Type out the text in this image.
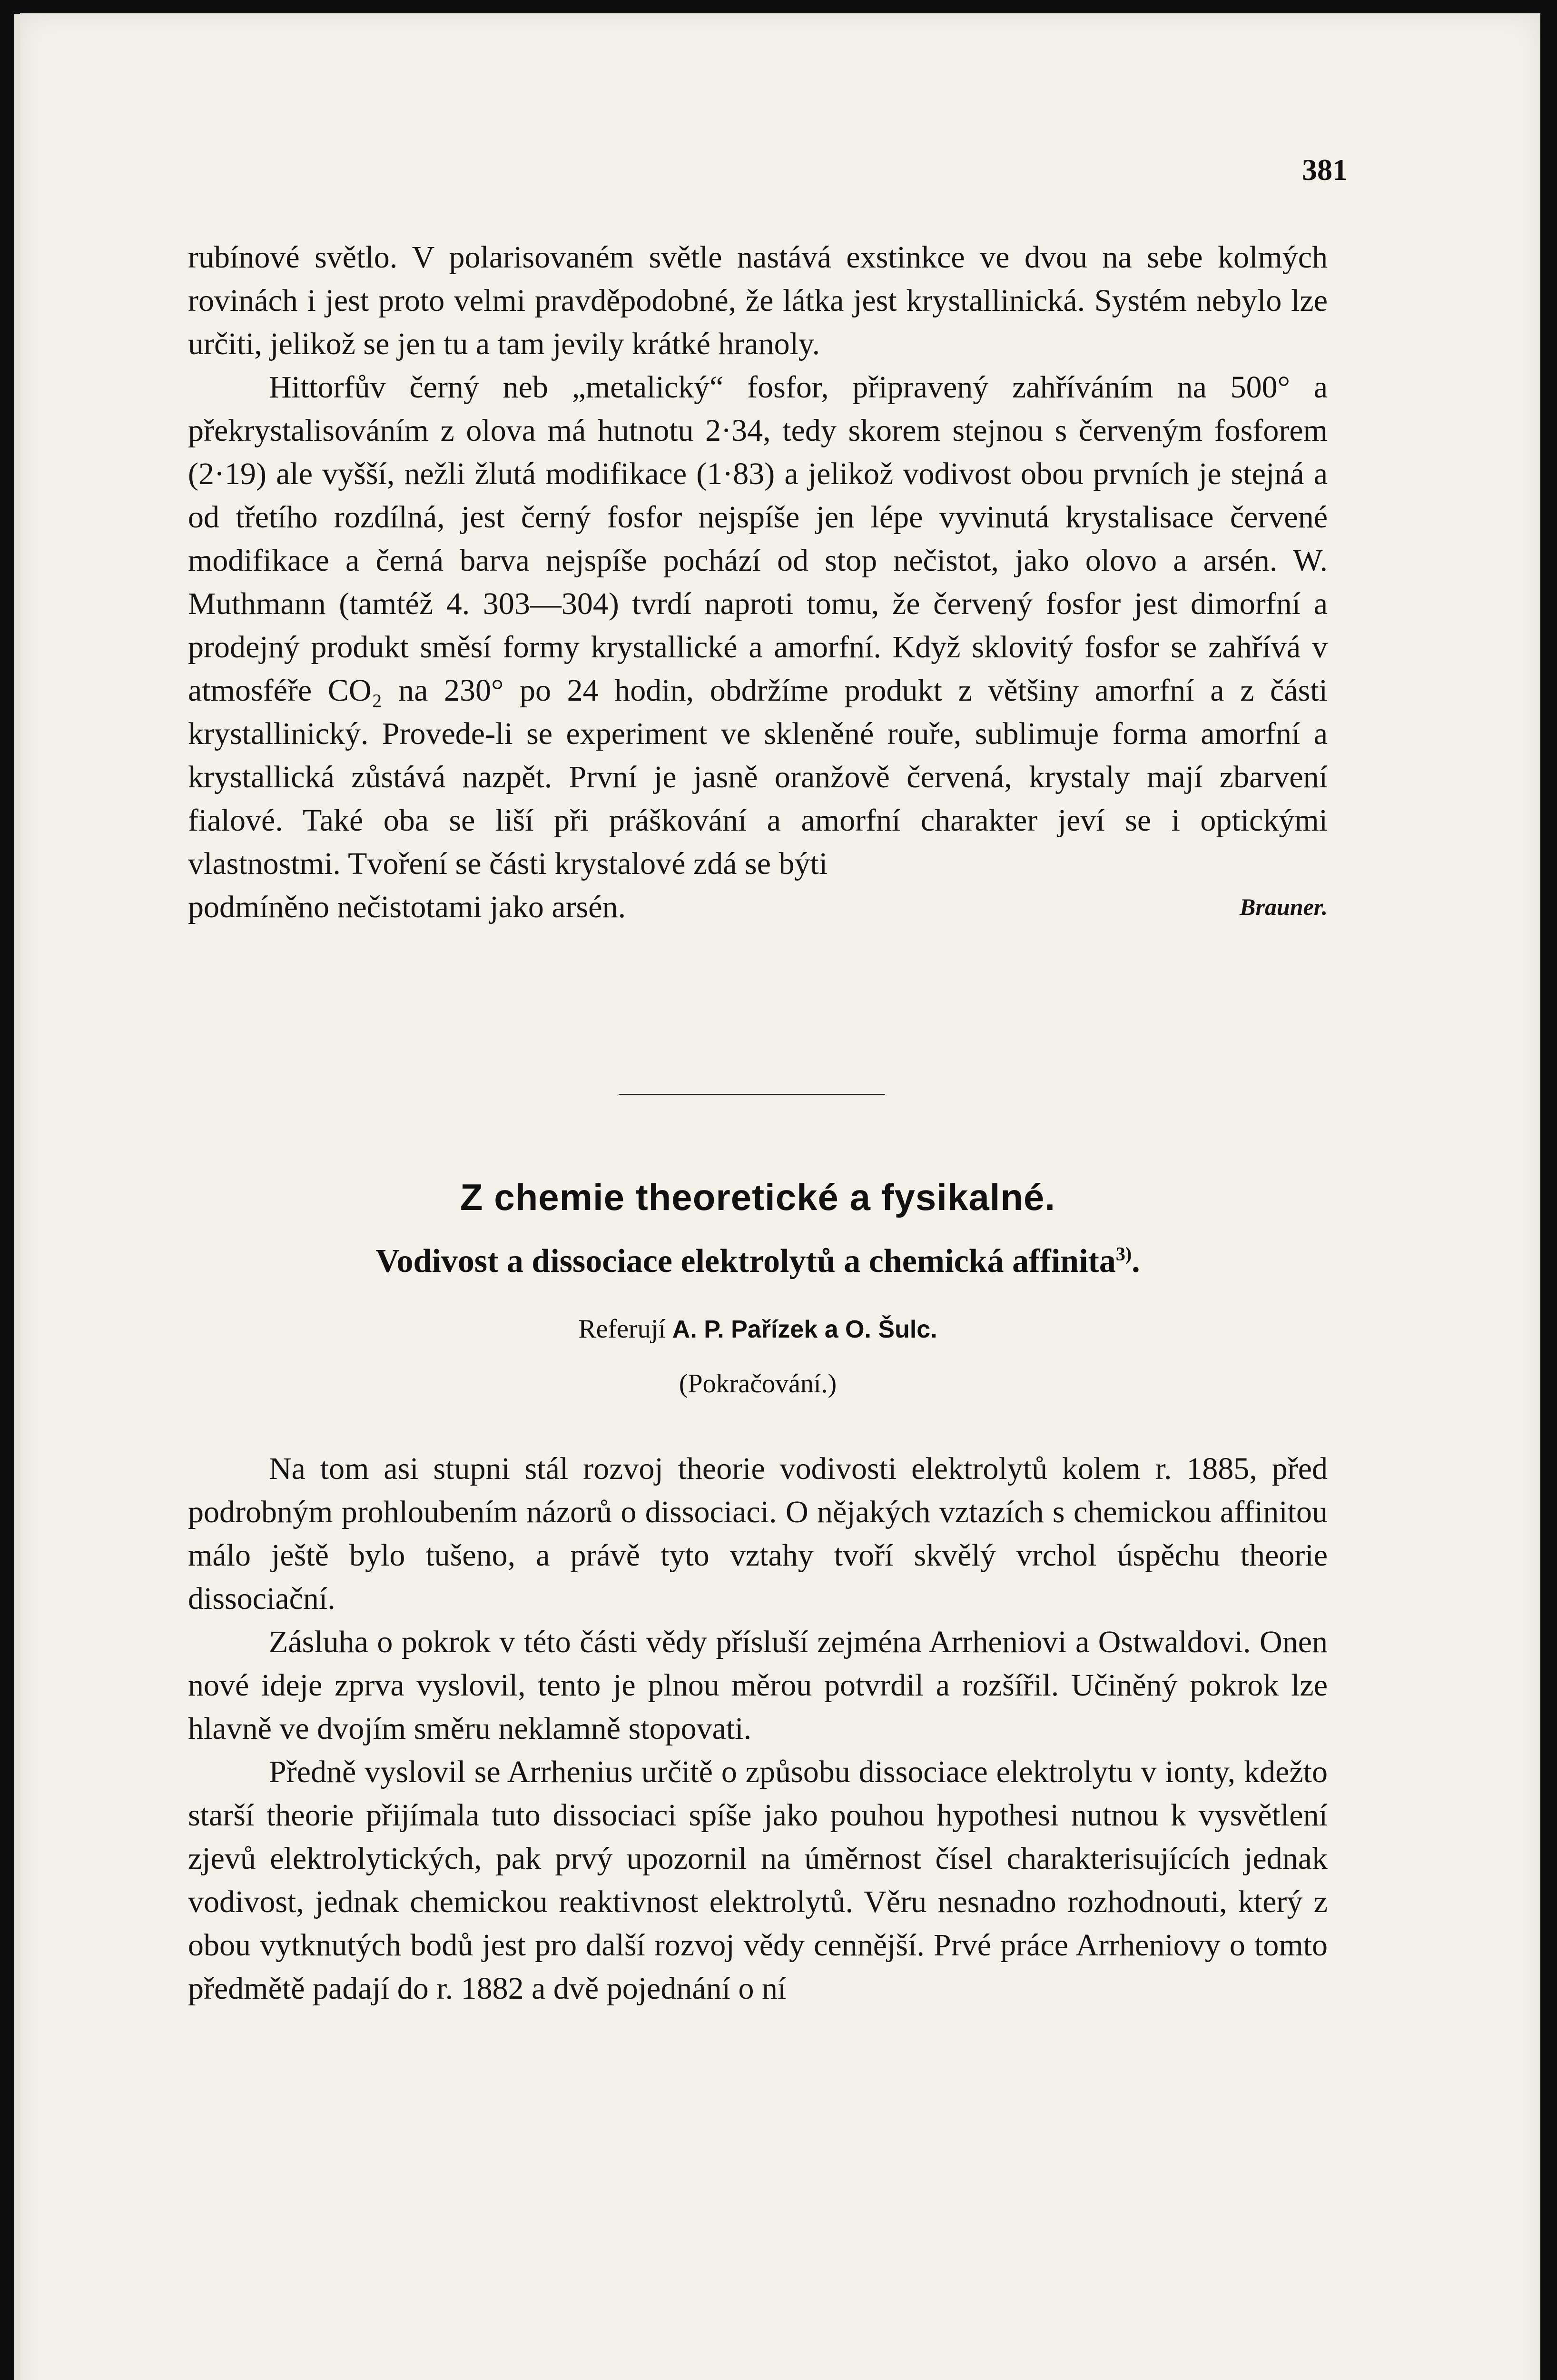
381

rubínové světlo. V polarisovaném světle nastává exstinkce ve dvou na sebe kolmých rovinách i jest proto velmi pravděpodobné, že látka jest krystallinická. Systém nebylo lze určiti, jelikož se jen tu a tam jevily krátké hranoly.

Hittorfův černý neb „metalický“ fosfor, připravený zahříváním na 500° a překrystalisováním z olova má hutnotu 2·34, tedy skorem stejnou s červeným fosforem (2·19) ale vyšší, nežli žlutá modifikace (1·83) a jelikož vodivost obou prvních je stejná a od třetího rozdílná, jest černý fosfor nejspíše jen lépe vyvinutá krystalisace červené modifikace a černá barva nejspíše pochází od stop nečistot, jako olovo a arsén. W. Muthmann (tamtéž 4. 303—304) tvrdí naproti tomu, že červený fosfor jest dimorfní a prodejný produkt směsí formy krystallické a amorfní. Když sklovitý fosfor se zahřívá v atmosféře CO₂ na 230° po 24 hodin, obdržíme produkt z většiny amorfní a z části krystallinický. Provede-li se experiment ve skleněné rouře, sublimuje forma amorfní a krystallická zůstává nazpět. První je jasně oranžově červená, krystaly mají zbarvení fialové. Také oba se liší při práškování a amorfní charakter jeví se i optickými vlastnostmi. Tvoření se části krystalové zdá se býti

podmíněno nečistotami jako arsén.	Brauner.

Z chemie theoretické a fysikalné.
Vodivost a dissociace elektrolytů a chemická affinita$^{3)}$.
Referují A. P. Pařízek a O. Šulc.
(Pokračování.)

Na tom asi stupni stál rozvoj theorie vodivosti elektrolytů kolem r. 1885, před podrobným prohloubením názorů o dissociaci. O nějakých vztazích s chemickou affinitou málo ještě bylo tušeno, a právě tyto vztahy tvoří skvělý vrchol úspěchu theorie dissociační.

Zásluha o pokrok v této části vědy přísluší zejména Arrheniovi a Ostwaldovi. Onen nové ideje zprva vyslovil, tento je plnou měrou potvrdil a rozšířil. Učiněný pokrok lze hlavně ve dvojím směru neklamně stopovati.

Předně vyslovil se Arrhenius určitě o způsobu dissociace elektrolytu v ionty, kdežto starší theorie přijímala tuto dissociaci spíše jako pouhou hypothesi nutnou k vysvětlení zjevů elektrolytických, pak prvý upozornil na úměrnost čísel charakterisujících jednak vodivost, jednak chemickou reaktivnost elektrolytů. Věru nesnadno rozhodnouti, který z obou vytknutých bodů jest pro další rozvoj vědy cennější. Prvé práce Arrheniovy o tomto předmětě padají do r. 1882 a dvě pojednání o ní
